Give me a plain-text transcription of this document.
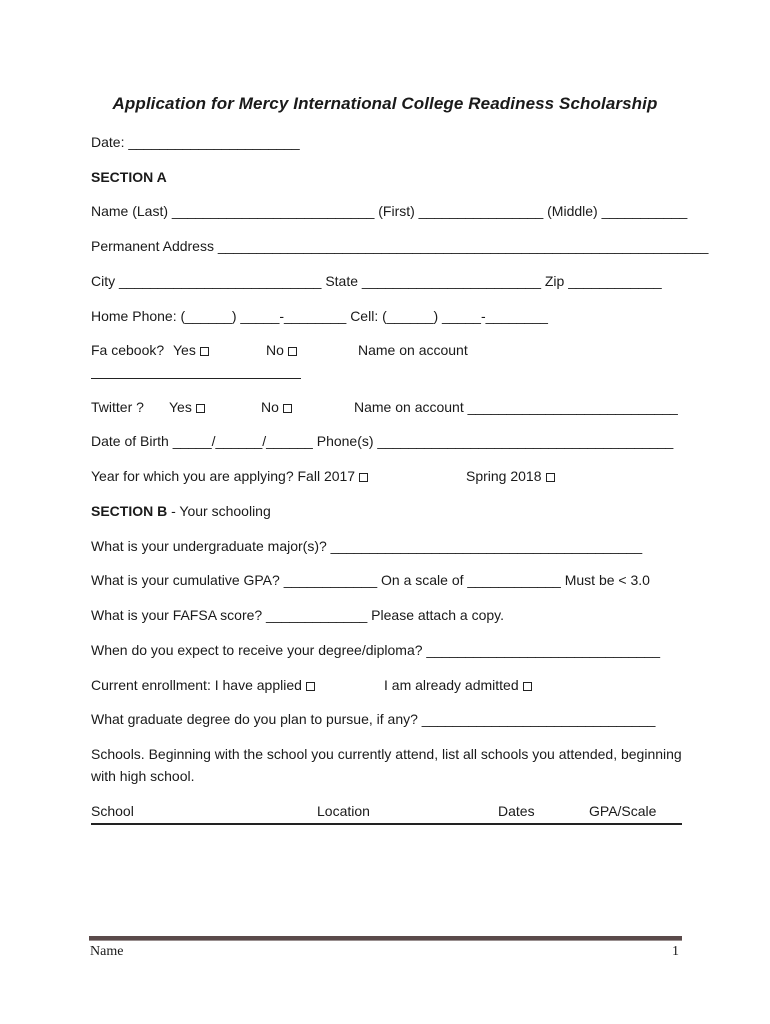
Application for Mercy International College Readiness Scholarship
Date: ______________________
SECTION A
Name (Last) __________________________ (First) ________________ (Middle) ___________
Permanent Address _______________________________________________________________
City __________________________ State _______________________ Zip ____________
Home Phone: (______) _____-________ Cell: (______) _____-________
Fa cebook? Yes	No	Name on account
Twitter ? Yes	No	Name on account ___________________________
Date of Birth _____/______/______ Phone(s) ______________________________________
Year for which you are applying? Fall 2017	Spring 2018
SECTION B - Your schooling
What is your undergraduate major(s)? ________________________________________
What is your cumulative GPA? ____________ On a scale of ____________ Must be < 3.0
What is your FAFSA score? _____________ Please attach a copy.
When do you expect to receive your degree/diploma? ______________________________
Current enrollment: I have applied	I am already admitted
What graduate degree do you plan to pursue, if any? ______________________________
Schools. Beginning with the school you currently attend, list all schools you attended, beginning
with high school.
School	Location	Dates	GPA/Scale
Name	1
